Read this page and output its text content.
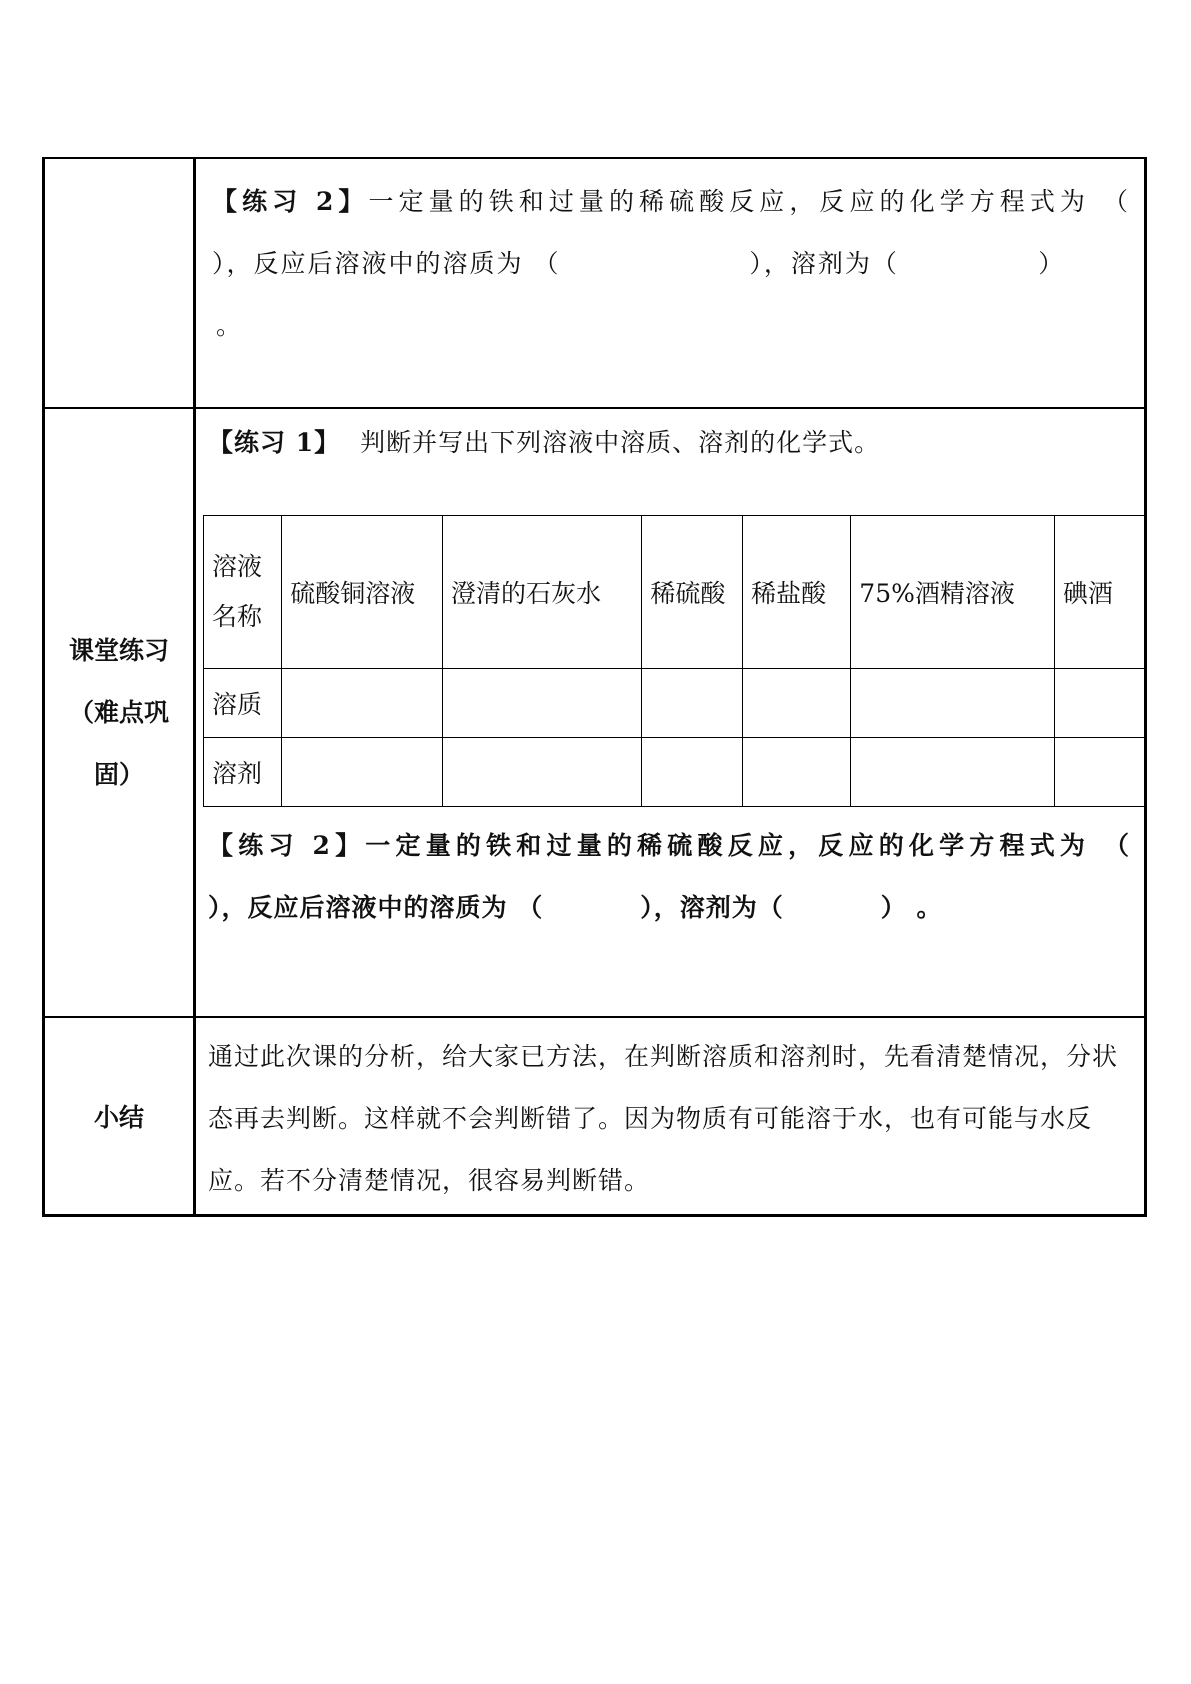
【练习 2】一定量的铁和过量的稀硫酸反应，反应的化学方程式为 （
），反应后溶液中的溶质为 （                   ），溶剂为（              ）
。

课堂练习
（难点巩
固）

【练习 1】 判断并写出下列溶液中溶质、溶剂的化学式。
溶液名称	硫酸铜溶液	澄清的石灰水	稀硫酸	稀盐酸	75%酒精溶液	碘酒
溶质						
溶剂						
【练习 2】一定量的铁和过量的稀硫酸反应，反应的化学方程式为 （
），反应后溶液中的溶质为 （          ），溶剂为（          ） 。

小结	
通过此次课的分析，给大家已方法，在判断溶质和溶剂时，先看清楚情况，分状态再去判断。这样就不会判断错了。因为物质有可能溶于水，也有可能与水反应。若不分清楚情况，很容易判断错。
